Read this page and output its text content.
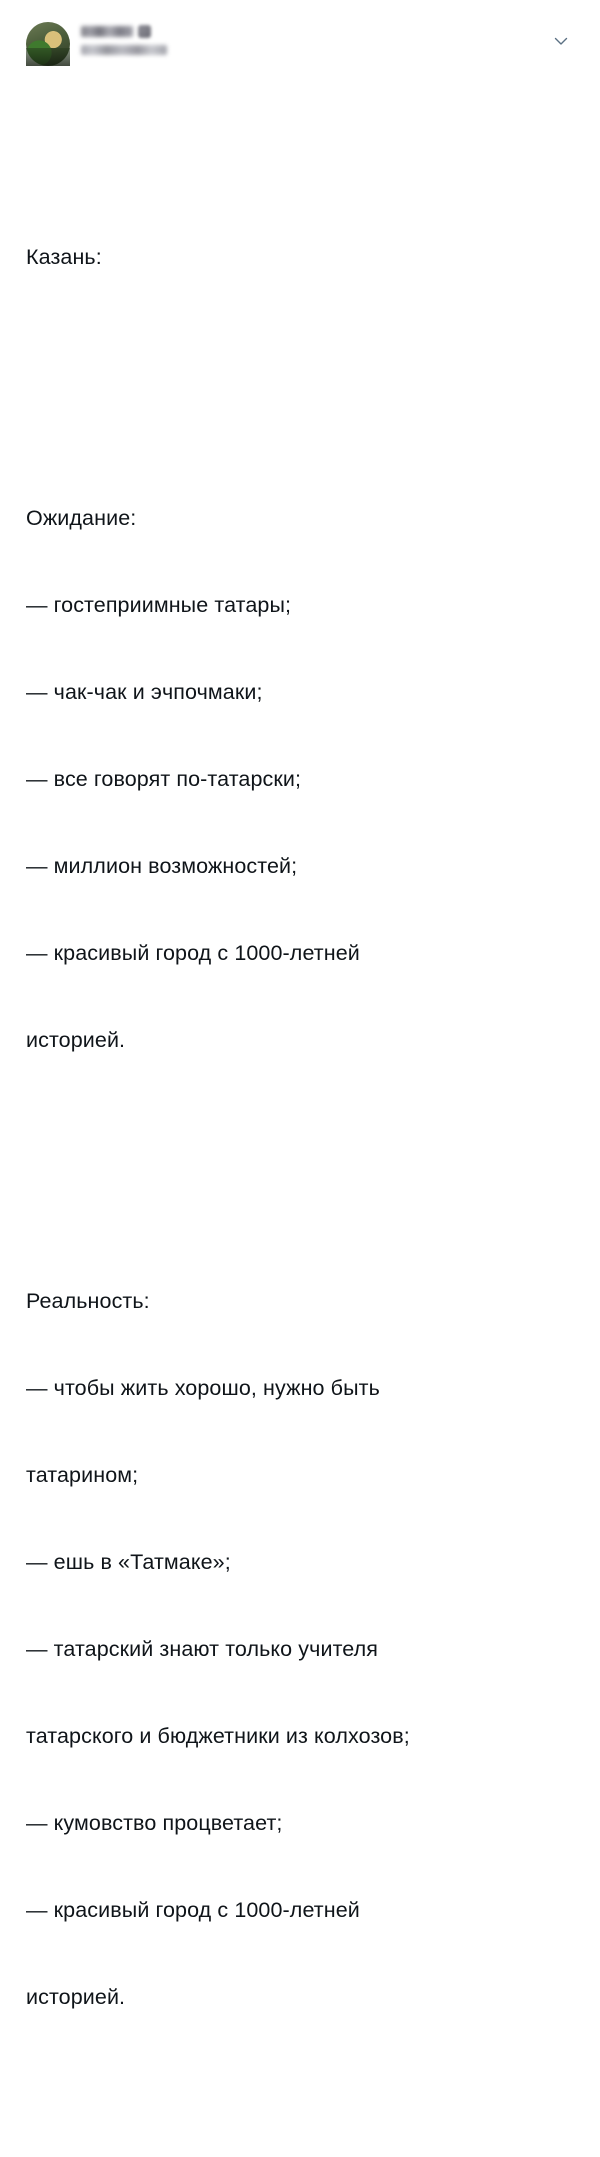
Казань:

Ожидание:

— гостеприимные татары;

— чак-чак и эчпочмаки;

— все говорят по-татарски;

— миллион возможностей;

— красивый город с 1000-летней

историей.

Реальность:

— чтобы жить хорошо, нужно быть

татарином;

— ешь в «Татмаке»;

— татарский знают только учителя

татарского и бюджетники из колхозов;

— кумовство процветает;

— красивый город с 1000-летней

историей.
